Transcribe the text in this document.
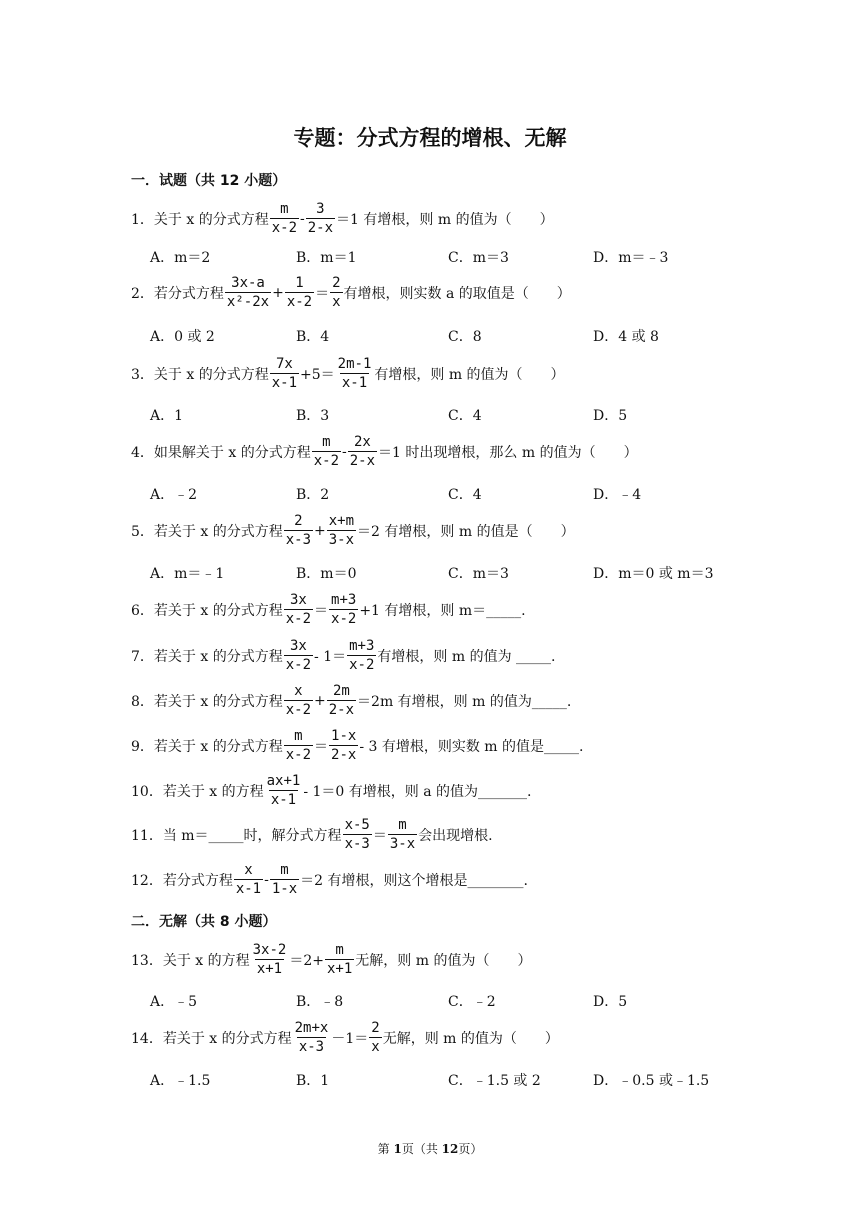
专题：分式方程的增根、无解
一．试题（共 12 小题）
1． 关于 x 的分式方程 $\frac{m}{x-2} - \frac{3}{2-x} =1$ 有增根，则 m 的值为（　　）
A．m＝2	B．m＝1	C．m＝3	D．m＝﹣3
2． 若分式方程 $\frac{3x-a}{\text{x²-2x}} + \frac{1}{x-2} = \frac{2}{x}$ 有增根，则实数 a 的取值是（　　）
A．0 或 2	B．4	C．8	D．4 或 8
3． 关于 x 的分式方程 $\frac{7x}{x-1} +5= \frac{2m-1}{x-1}$ 有增根，则 m 的值为（　　）
A．1	B．3	C．4	D．5
4． 如果解关于 x 的分式方程 $\frac{m}{x-2} - \frac{2x}{2-x} =1$ 时出现增根，那么 m 的值为（　　）
A．﹣2	B．2	C．4	D．﹣4
5． 若关于 x 的分式方程 $\frac{2}{x-3} + \frac{x+m}{3-x} =2$ 有增根，则 m 的值是（　　）
A．m＝﹣1	B．m＝0	C．m＝3	D．m＝0 或 m＝3
6． 若关于 x 的分式方程 $\frac{3x}{x-2} = \frac{m+3}{x-2} +1$ 有增根，则 m＝_____.
7． 若关于 x 的分式方程 $\frac{3x}{x-2} - 1= \frac{m+3}{x-2}$ 有增根，则 m 的值为 _____.
8． 若关于 x 的分式方程 $\frac{x}{x-2} + \frac{2m}{2-x} =2m$ 有增根，则 m 的值为_____.
9． 若关于 x 的分式方程 $\frac{m}{x-2} = \frac{1-x}{2-x} - 3$ 有增根，则实数 m 的值是_____.
10． 若关于 x 的方程 $\frac{ax+1}{x-1} - 1=0$ 有增根，则 a 的值为_______.
11． 当 m＝_____时，解分式方程 $\frac{x-5}{x-3} = \frac{m}{3-x}$ 会出现增根.
12． 若分式方程 $\frac{x}{x-1} - \frac{m}{1-x} =2$ 有增根，则这个增根是________.
二．无解（共 8 小题）
13． 关于 x 的方程 $\frac{3x-2}{x+1} =2+ \frac{m}{x+1}$ 无解，则 m 的值为（　　）
A．﹣5	B．﹣8	C．﹣2	D．5
14． 若关于 x 的分式方程 $\frac{2m+x}{x-3} -1= \frac{2}{x}$ 无解，则 m 的值为（　　）
A．﹣1.5	B．1	C．﹣1.5 或 2	D．﹣0.5 或﹣1.5
第 1页（共 12页）
